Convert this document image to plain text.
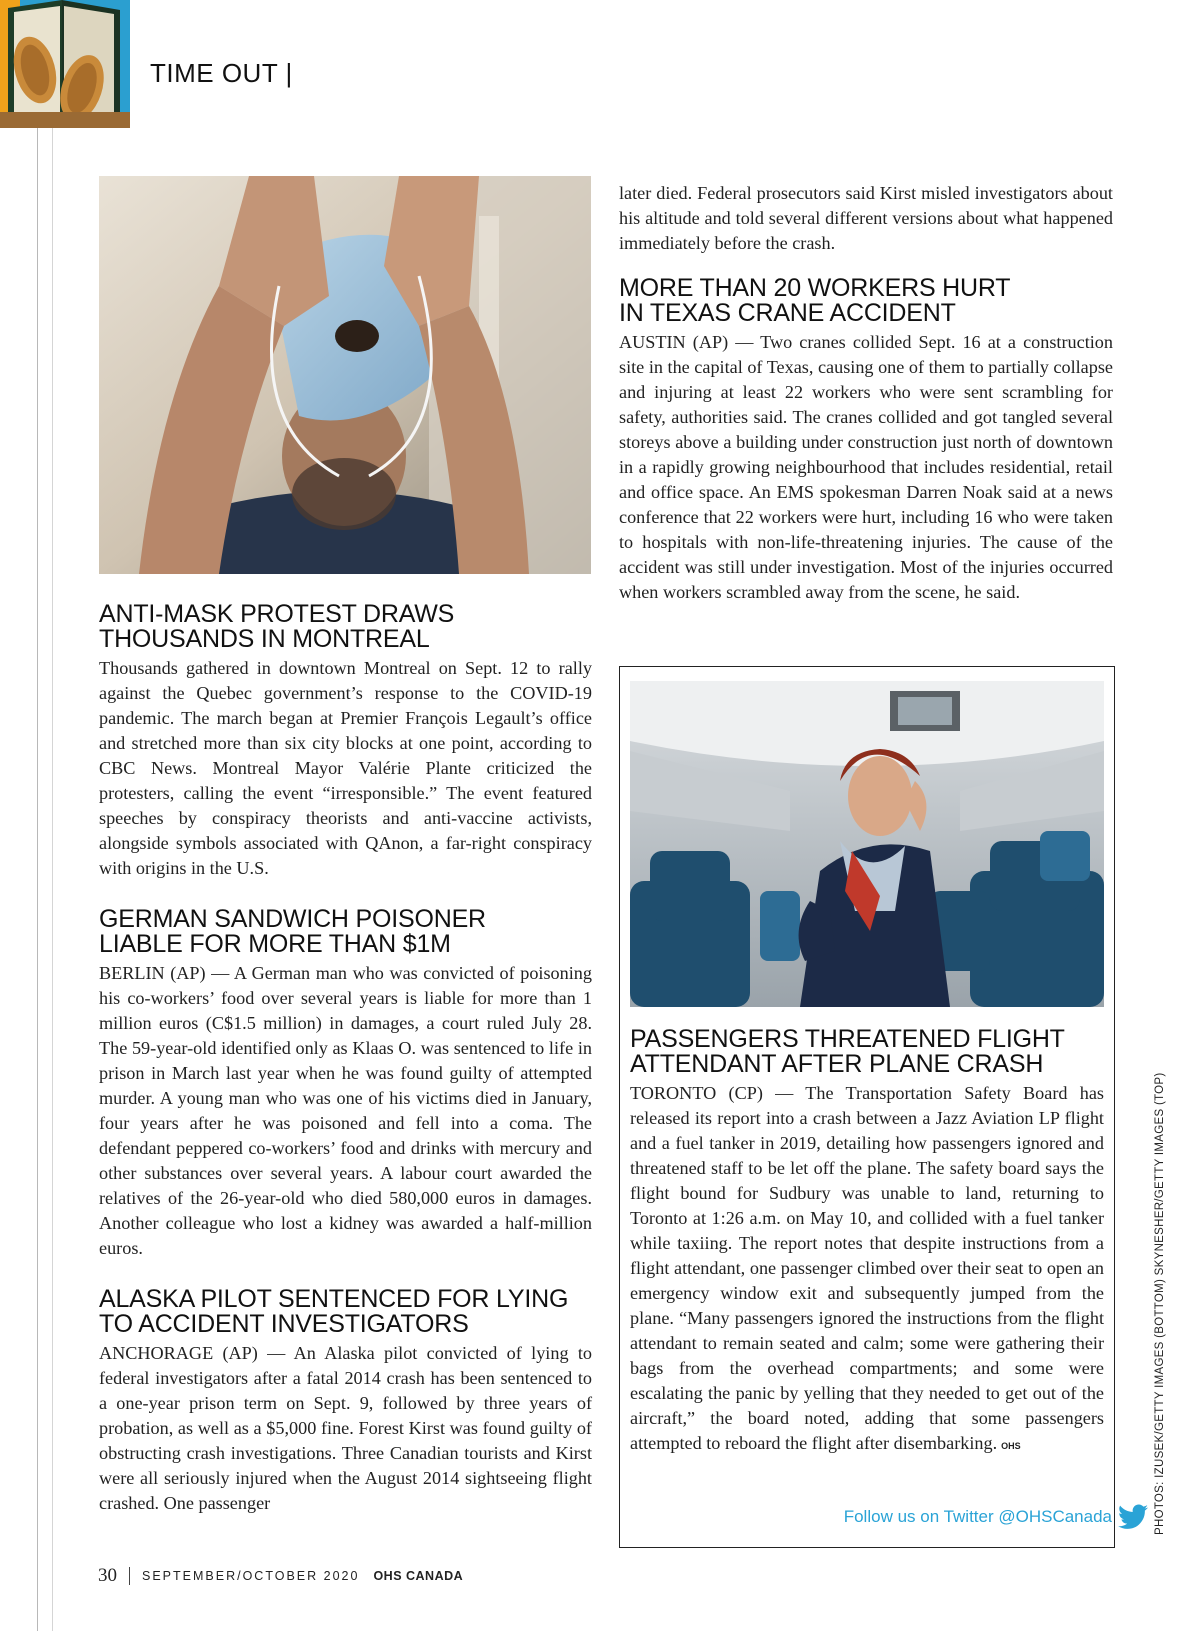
TIME OUT |
ANTI-MASK PROTEST DRAWS
THOUSANDS IN MONTREAL

Thousands gathered in downtown Montreal on Sept. 12 to rally against the Quebec government’s response to the COVID-19 pandemic. The march began at Premier François Legault’s office and stretched more than six city blocks at one point, according to CBC News. Montreal Mayor Valérie Plante criticized the protesters, calling the event “irresponsible.” The event featured speeches by conspiracy theorists and anti-vaccine activists, alongside symbols associated with QAnon, a far-right conspiracy with origins in the U.S.

GERMAN SANDWICH POISONER
LIABLE FOR MORE THAN $1M

BERLIN (AP) — A German man who was convicted of poisoning his co-workers’ food over several years is liable for more than 1 million euros (C$1.5 million) in damages, a court ruled July 28. The 59-year-old identified only as Klaas O. was sentenced to life in prison in March last year when he was found guilty of attempted murder. A young man who was one of his victims died in January, four years after he was poisoned and fell into a coma. The defendant peppered co-workers’ food and drinks with mercury and other substances over several years. A labour court awarded the relatives of the 26-year-old who died 580,000 euros in damages. Another colleague who lost a kidney was awarded a half-million euros.

ALASKA PILOT SENTENCED FOR LYING
TO ACCIDENT INVESTIGATORS

ANCHORAGE (AP) — An Alaska pilot convicted of lying to federal investigators after a fatal 2014 crash has been sentenced to a one-year prison term on Sept. 9, followed by three years of probation, as well as a $5,000 fine. Forest Kirst was found guilty of obstructing crash investigations. Three Canadian tourists and Kirst were all seriously injured when the August 2014 sightseeing flight crashed. One passenger

later died. Federal prosecutors said Kirst misled investigators about his altitude and told several different versions about what happened immediately before the crash.

MORE THAN 20 WORKERS HURT
IN TEXAS CRANE ACCIDENT

AUSTIN (AP) — Two cranes collided Sept. 16 at a construction site in the capital of Texas, causing one of them to partially collapse and injuring at least 22 workers who were sent scrambling for safety, authorities said. The cranes collided and got tangled several storeys above a building under construction just north of downtown in a rapidly growing neighbourhood that includes residential, retail and office space. An EMS spokesman Darren Noak said at a news conference that 22 workers were hurt, including 16 who were taken to hospitals with non-life-threatening injuries. The cause of the accident was still under investigation. Most of the injuries occurred when workers scrambled away from the scene, he said.

PASSENGERS THREATENED FLIGHT
ATTENDANT AFTER PLANE CRASH

TORONTO (CP) — The Transportation Safety Board has released its report into a crash between a Jazz Aviation LP flight and a fuel tanker in 2019, detailing how passengers ignored and threatened staff to be let off the plane. The safety board says the flight bound for Sudbury was unable to land, returning to Toronto at 1:26 a.m. on May 10, and collided with a fuel tanker while taxiing. The report notes that despite instructions from a flight attendant, one passenger climbed over their seat to open an emergency window exit and subsequently jumped from the plane. “Many passengers ignored the instructions from the flight attendant to remain seated and calm; some were gathering their bags from the overhead compartments; and some were escalating the panic by yelling that they needed to get out of the aircraft,” the board noted, adding that some passengers attempted to reboard the flight after disembarking. OHS

Follow us on Twitter @OHSCanada	PHOTOS: IZUSEK/GETTY IMAGES (BOTTOM) SKYNESHER/GETTY IMAGES (TOP)
30 SEPTEMBER/OCTOBER 2020 OHS CANADA
